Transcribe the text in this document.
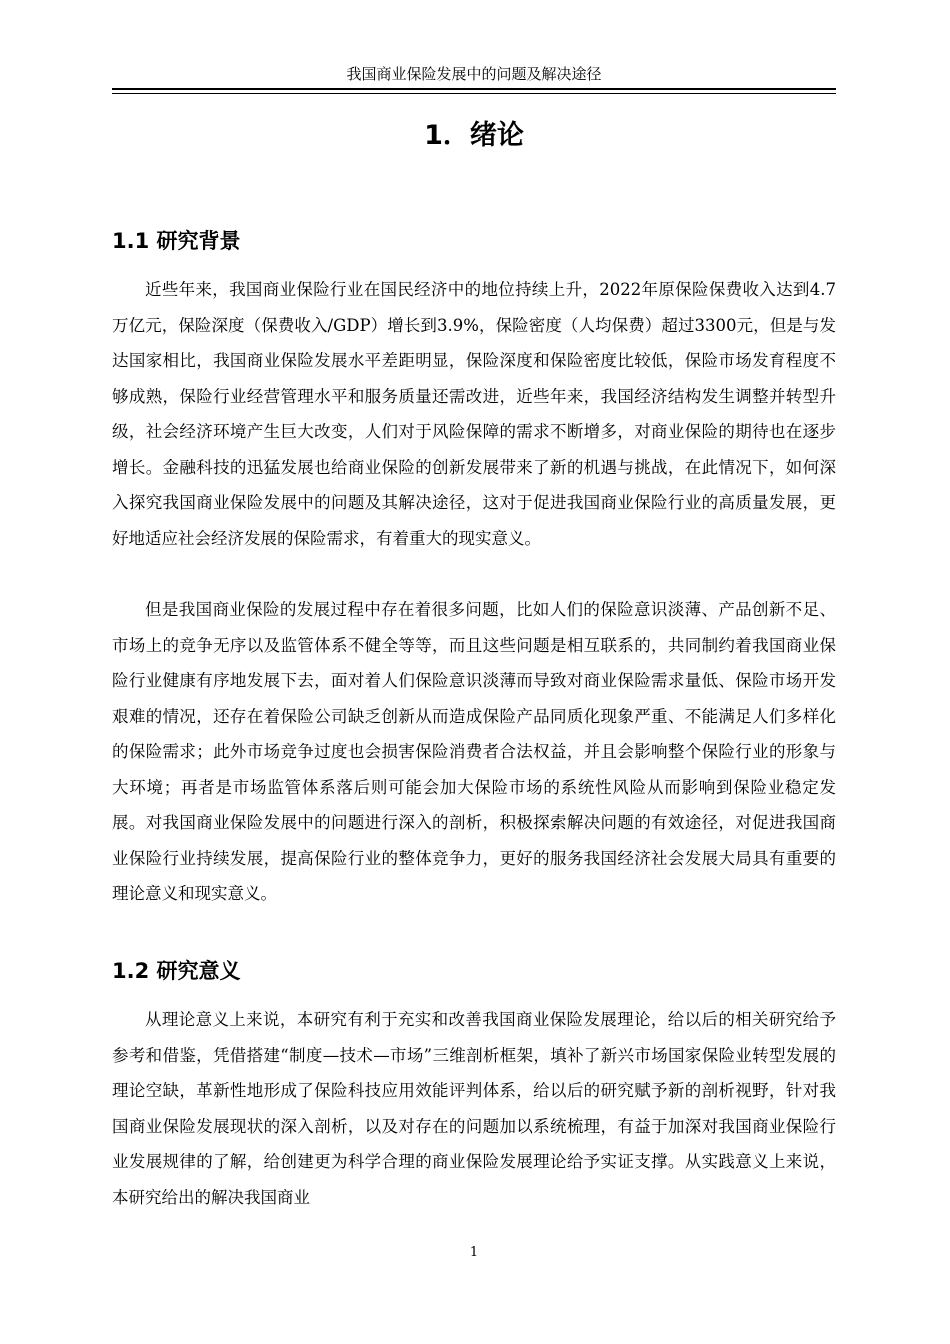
我国商业保险发展中的问题及解决途径
1．绪论
1.1 研究背景

近些年来，我国商业保险行业在国民经济中的地位持续上升，2022年原保险保费收入达到4.7万亿元，保险深度（保费收入/GDP）增长到3.9%，保险密度（人均保费）超过3300元，但是与发达国家相比，我国商业保险发展水平差距明显，保险深度和保险密度比较低，保险市场发育程度不够成熟，保险行业经营管理水平和服务质量还需改进，近些年来，我国经济结构发生调整并转型升级，社会经济环境产生巨大改变，人们对于风险保障的需求不断增多，对商业保险的期待也在逐步增长。金融科技的迅猛发展也给商业保险的创新发展带来了新的机遇与挑战，在此情况下，如何深入探究我国商业保险发展中的问题及其解决途径，这对于促进我国商业保险行业的高质量发展，更好地适应社会经济发展的保险需求，有着重大的现实意义。

但是我国商业保险的发展过程中存在着很多问题，比如人们的保险意识淡薄、产品创新不足、市场上的竞争无序以及监管体系不健全等等，而且这些问题是相互联系的，共同制约着我国商业保险行业健康有序地发展下去，面对着人们保险意识淡薄而导致对商业保险需求量低、保险市场开发艰难的情况，还存在着保险公司缺乏创新从而造成保险产品同质化现象严重、不能满足人们多样化的保险需求；此外市场竞争过度也会损害保险消费者合法权益，并且会影响整个保险行业的形象与大环境；再者是市场监管体系落后则可能会加大保险市场的系统性风险从而影响到保险业稳定发展。对我国商业保险发展中的问题进行深入的剖析，积极探索解决问题的有效途径，对促进我国商业保险行业持续发展，提高保险行业的整体竞争力，更好的服务我国经济社会发展大局具有重要的理论意义和现实意义。

1.2 研究意义

从理论意义上来说，本研究有利于充实和改善我国商业保险发展理论，给以后的相关研究给予参考和借鉴，凭借搭建“制度—技术—市场”三维剖析框架，填补了新兴市场国家保险业转型发展的理论空缺，革新性地形成了保险科技应用效能评判体系，给以后的研究赋予新的剖析视野，针对我国商业保险发展现状的深入剖析，以及对存在的问题加以系统梳理，有益于加深对我国商业保险行业发展规律的了解，给创建更为科学合理的商业保险发展理论给予实证支撑。从实践意义上来说，本研究给出的解决我国商业

1
